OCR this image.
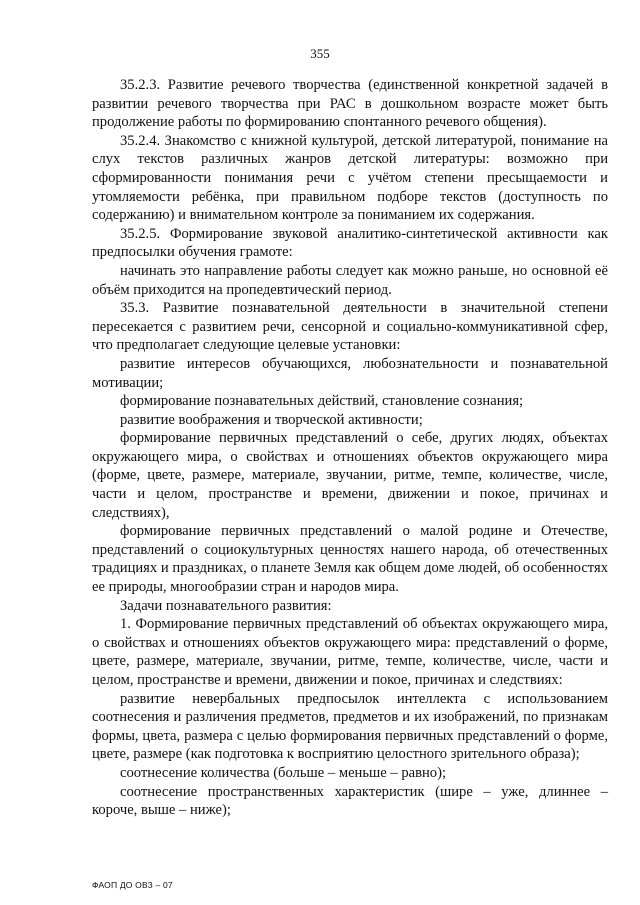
355

35.2.3. Развитие речевого творчества (единственной конкретной задачей в развитии речевого творчества при РАС в дошкольном возрасте может быть продолжение работы по формированию спонтанного речевого общения).

35.2.4. Знакомство с книжной культурой, детской литературой, понимание на слух текстов различных жанров детской литературы: возможно при сформированности понимания речи с учётом степени пресыщаемости и утомляемости ребёнка, при правильном подборе текстов (доступность по содержанию) и внимательном контроле за пониманием их содержания.

35.2.5. Формирование звуковой аналитико-синтетической активности как предпосылки обучения грамоте:

начинать это направление работы следует как можно раньше, но основной её объём приходится на пропедевтический период.

35.3. Развитие познавательной деятельности в значительной степени пересекается с развитием речи, сенсорной и социально-коммуникативной сфер, что предполагает следующие целевые установки:

развитие интересов обучающихся, любознательности и познавательной мотивации;

формирование познавательных действий, становление сознания;

развитие воображения и творческой активности;

формирование первичных представлений о себе, других людях, объектах окружающего мира, о свойствах и отношениях объектов окружающего мира (форме, цвете, размере, материале, звучании, ритме, темпе, количестве, числе, части и целом, пространстве и времени, движении и покое, причинах и следствиях),

формирование первичных представлений о малой родине и Отечестве, представлений о социокультурных ценностях нашего народа, об отечественных традициях и праздниках, о планете Земля как общем доме людей, об особенностях ее природы, многообразии стран и народов мира.

Задачи познавательного развития:

1. Формирование первичных представлений об объектах окружающего мира, о свойствах и отношениях объектов окружающего мира: представлений о форме, цвете, размере, материале, звучании, ритме, темпе, количестве, числе, части и целом, пространстве и времени, движении и покое, причинах и следствиях:

развитие невербальных предпосылок интеллекта с использованием соотнесения и различения предметов, предметов и их изображений, по признакам формы, цвета, размера с целью формирования первичных представлений о форме, цвете, размере (как подготовка к восприятию целостного зрительного образа);

соотнесение количества (больше – меньше – равно);

соотнесение пространственных характеристик (шире – уже, длиннее – короче, выше – ниже);

ФАОП ДО ОВЗ – 07
